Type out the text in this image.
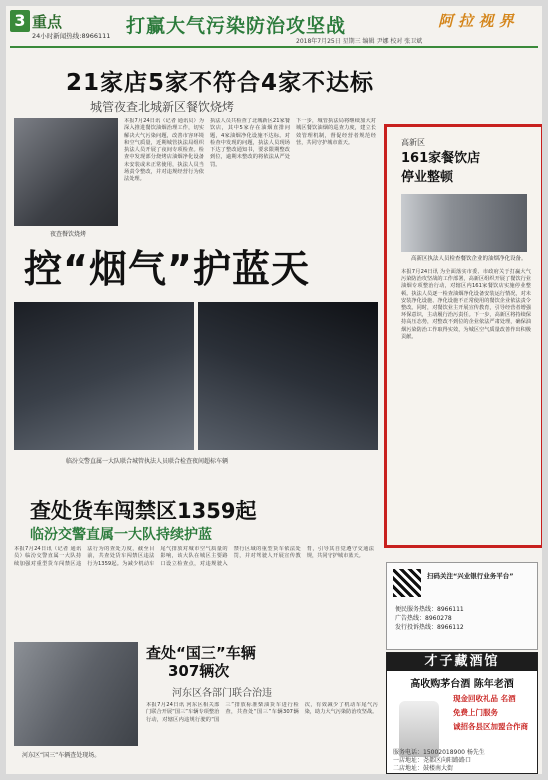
3 重点
24小时新闻热线:8966111 打赢大气污染防治攻坚战	阿 拉 视 界
2018年7月25日 星期三 编辑 尹娜 校对 张卫斌
21家店5家不符合4家不达标
城管夜查北城新区餐饮烧烤
夜查餐饮烧烤
本报7月24日讯（记者 通讯员）为深入推进餐饮油烟治理工作，切实解决大气污染问题，改善市容环境和空气质量，近期城管执法局组织执法人员开展了夜间专项检查。检查中发现部分烧烤店油烟净化设备未安装或未正常使用，执法人员当场责令整改，并对违规经营行为依法处理。
执法人员共检查了北城新区21家餐饮店，其中5家存在油烟直排问题，4家油烟净化设施不达标。对检查中发现的问题，执法人员现场下达了整改通知书，要求限期整改到位，逾期未整改的将依法从严处罚。
下一步，城管执法局将继续加大对城区餐饮油烟的巡查力度，建立长效管理机制，督促经营者规范经营，共同守护城市蓝天。
控“烟气”护蓝天
临汾交警直属一大队联合城管执法人员联合检查夜间超标车辆
高新区
161家餐饮店
停业整顿
高新区执法人员检查餐饮企业的油烟净化设备。
本报7月24日讯 为全面落实市委、市政府关于打赢大气污染防治攻坚战的工作部署，高新区组织开展了餐饮行业油烟专项整治行动，对辖区内161家餐饮店实施停业整顿。执法人员逐一检查油烟净化设备安装运行情况，对未安装净化设施、净化设施不正常使用的餐饮企业依法责令整改。同时，对餐饮业主开展宣传教育，引导经营者增强环保意识，主动履行治污责任。下一步，高新区将持续保持高压态势，对整改不到位的企业依法严肃处理，确保油烟污染防治工作取得实效，为城区空气质量改善作出积极贡献。
查处货车闯禁区1359起
临汾交警直属一大队持续护蓝
本报7月24日讯（记者 通讯员）临汾交警直属一大队持续加强对重型货车闯禁区违法行为的查处力度，截至目前，共查处货车闯禁区违法行为1359起。为减少机动车尾气排放对城市空气质量的影响，该大队在城区主要路口设立检查点，对违规驶入禁行区域的重型货车依法处罚，并对驾驶人开展宣传教育，引导其自觉遵守交通法规，共同守护城市蓝天。
河东区“国三”车辆查处现场。
查处“国三”车辆
307辆次
河东区各部门联合治违
本报7月24日讯 河东区相关部门联合开展“国三”车辆专项整治行动，对辖区内违规行驶的“国三”排放标准柴油货车进行检查，共查处“国三”车辆307辆次，有效减少了机动车尾气污染，助力大气污染防治攻坚战。
扫码关注“兴业银行业务平台”
便民服务热线：8966111
广告热线：8960278
发行投诉热线：8966112
才子藏酒馆
高收购茅台酒 陈年老酒
现金回收礼品 名酒
免费上门服务
诚招各县区加盟合作商
服务电话：15002018900 杨先生
一店地址：尧都区向阳路路口
二店地址：鼓楼南大街
